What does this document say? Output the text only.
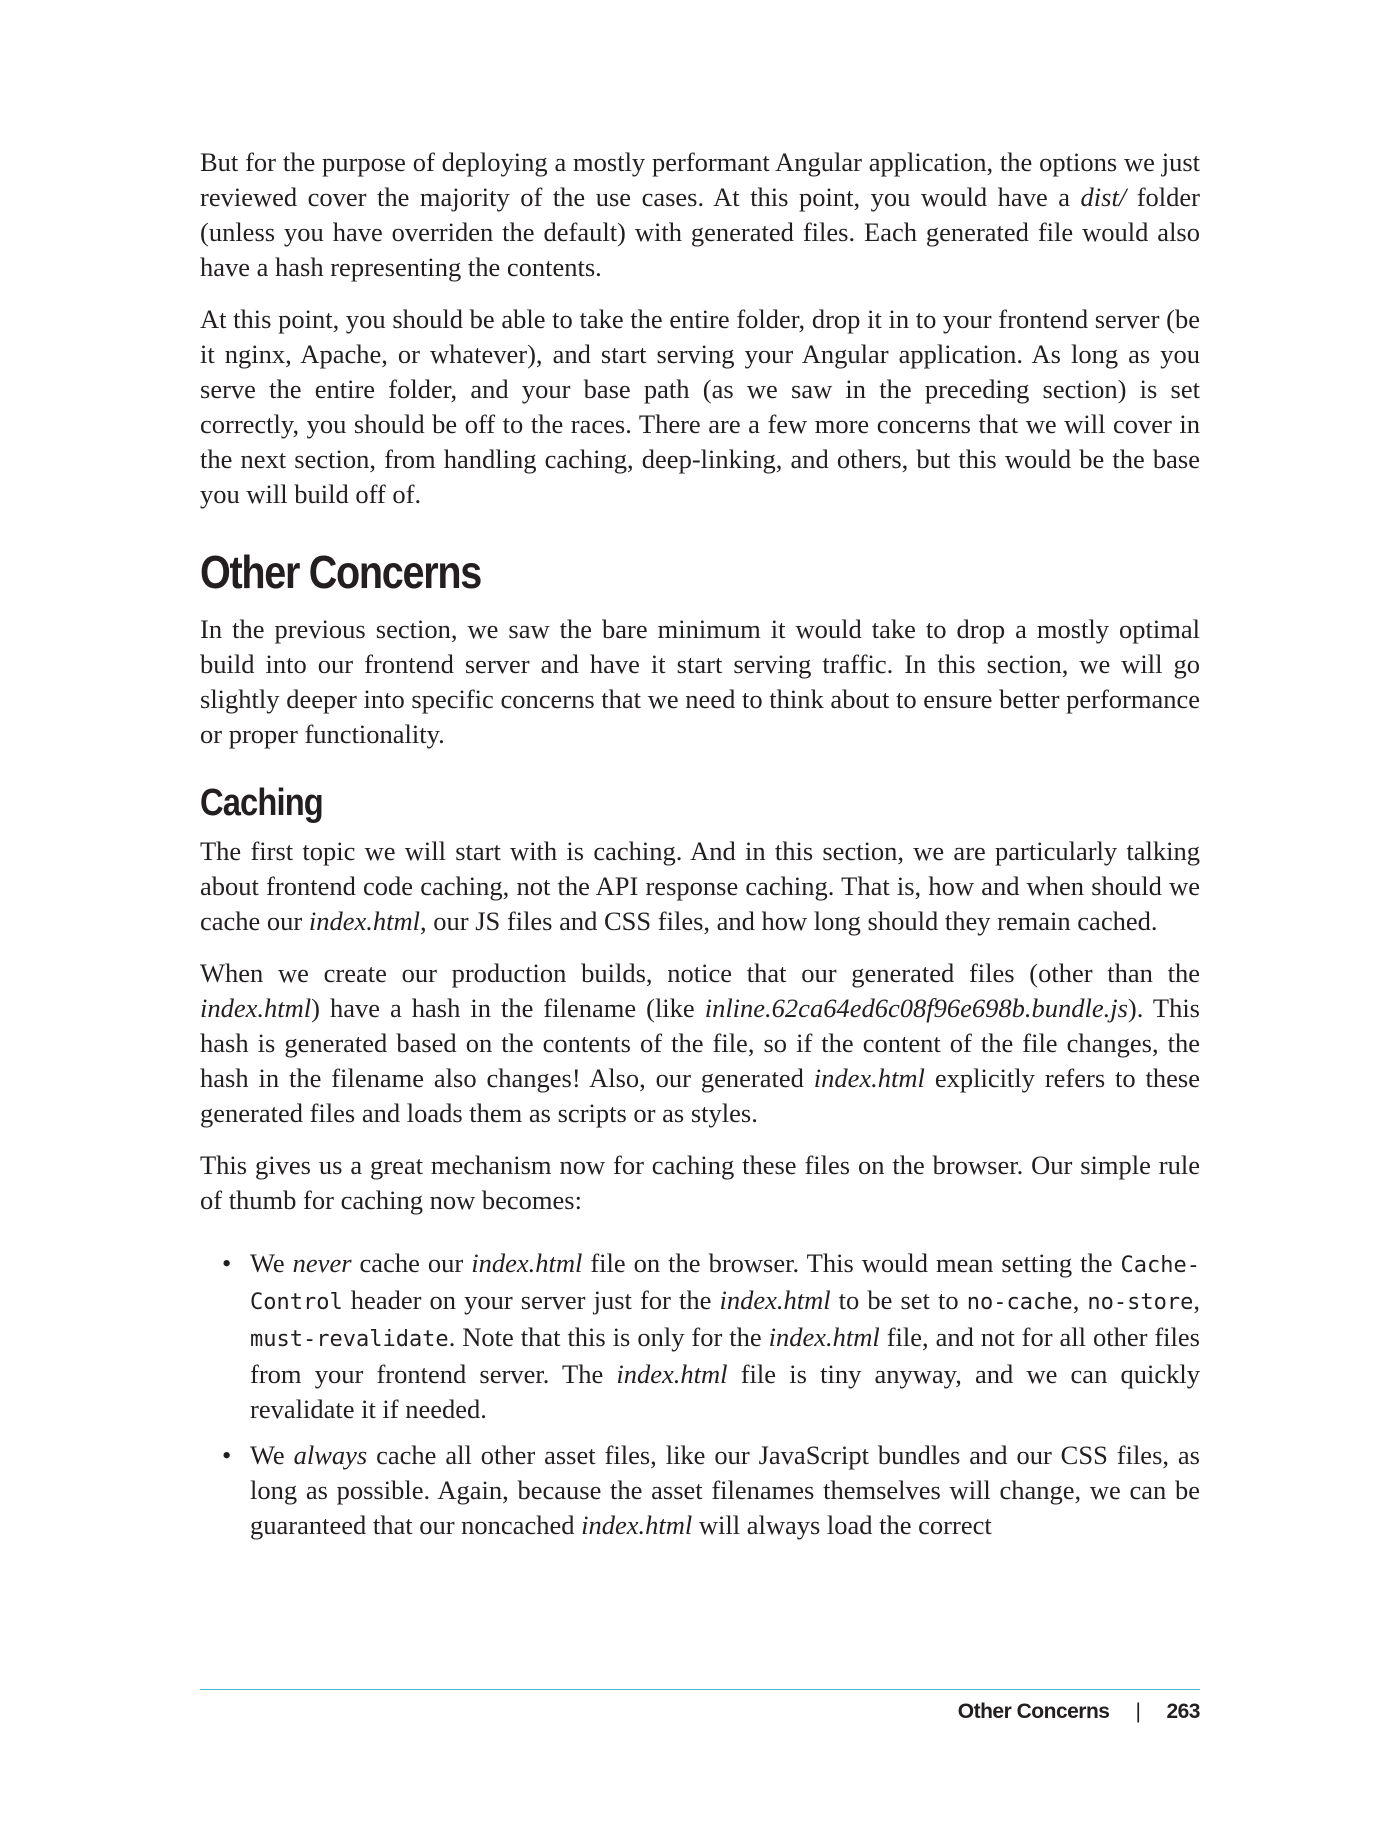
But for the purpose of deploying a mostly performant Angular application, the options we just reviewed cover the majority of the use cases. At this point, you would have a dist/ folder (unless you have overriden the default) with generated files. Each generated file would also have a hash representing the contents.

At this point, you should be able to take the entire folder, drop it in to your frontend server (be it nginx, Apache, or whatever), and start serving your Angular application. As long as you serve the entire folder, and your base path (as we saw in the preceding section) is set correctly, you should be off to the races. There are a few more concerns that we will cover in the next section, from handling caching, deep-linking, and others, but this would be the base you will build off of.

Other Concerns

In the previous section, we saw the bare minimum it would take to drop a mostly optimal build into our frontend server and have it start serving traffic. In this section, we will go slightly deeper into specific concerns that we need to think about to ensure better performance or proper functionality.

Caching

The first topic we will start with is caching. And in this section, we are particularly talking about frontend code caching, not the API response caching. That is, how and when should we cache our index.html, our JS files and CSS files, and how long should they remain cached.

When we create our production builds, notice that our generated files (other than the index.html) have a hash in the filename (like inline.62ca64ed6c08f96e698b.bundle.js). This hash is generated based on the contents of the file, so if the content of the file changes, the hash in the filename also changes! Also, our generated index.html explicitly refers to these generated files and loads them as scripts or as styles.

This gives us a great mechanism now for caching these files on the browser. Our simple rule of thumb for caching now becomes:

• We never cache our index.html file on the browser. This would mean setting the Cache-Control header on your server just for the index.html to be set to no-cache, no-store, must-revalidate. Note that this is only for the index.html file, and not for all other files from your frontend server. The index.html file is tiny anyway, and we can quickly revalidate it if needed.
• We always cache all other asset files, like our JavaScript bundles and our CSS files, as long as possible. Again, because the asset filenames themselves will change, we can be guaranteed that our noncached index.html will always load the correct
Other Concerns | 263
